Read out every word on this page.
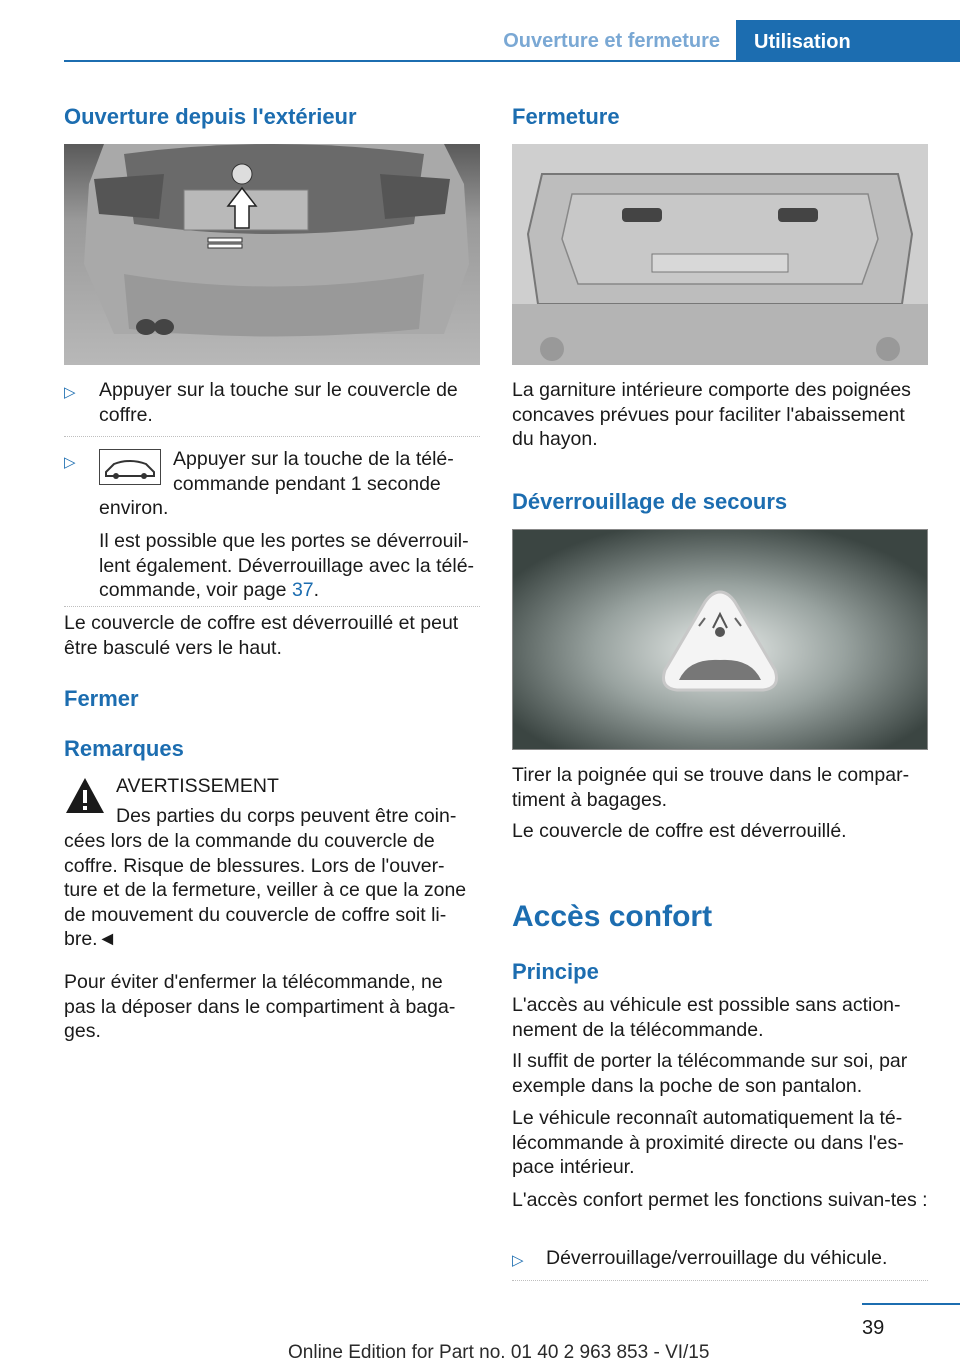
Ouverture et fermeture	Utilisation
Ouverture depuis l'extérieur
▷ Appuyer sur la touche sur le couvercle de coffre.
▷	Appuyer sur la touche de la télé-
commande pendant 1 seconde
environ.
Il est possible que les portes se déverrouil-lent également. Déverrouillage avec la télé-commande, voir page 37.
Le couvercle de coffre est déverrouillé et peut être basculé vers le haut.
Fermer
Remarques
AVERTISSEMENT
Des parties du corps peuvent être coin-
cées lors de la commande du couvercle de coffre. Risque de blessures. Lors de l'ouver-ture et de la fermeture, veiller à ce que la zone de mouvement du couvercle de coffre soit li-bre.◄
Pour éviter d'enfermer la télécommande, ne pas la déposer dans le compartiment à baga-ges.
Fermeture
La garniture intérieure comporte des poignées concaves prévues pour faciliter l'abaissement du hayon.
Déverrouillage de secours
Tirer la poignée qui se trouve dans le compar-timent à bagages.
Le couvercle de coffre est déverrouillé.
Accès confort
Principe
L'accès au véhicule est possible sans action-nement de la télécommande.
Il suffit de porter la télécommande sur soi, par exemple dans la poche de son pantalon.
Le véhicule reconnaît automatiquement la té-lécommande à proximité directe ou dans l'es-pace intérieur.
L'accès confort permet les fonctions suivan-tes :
▷ Déverrouillage/verrouillage du véhicule.
39
Online Edition for Part no. 01 40 2 963 853 - VI/15
